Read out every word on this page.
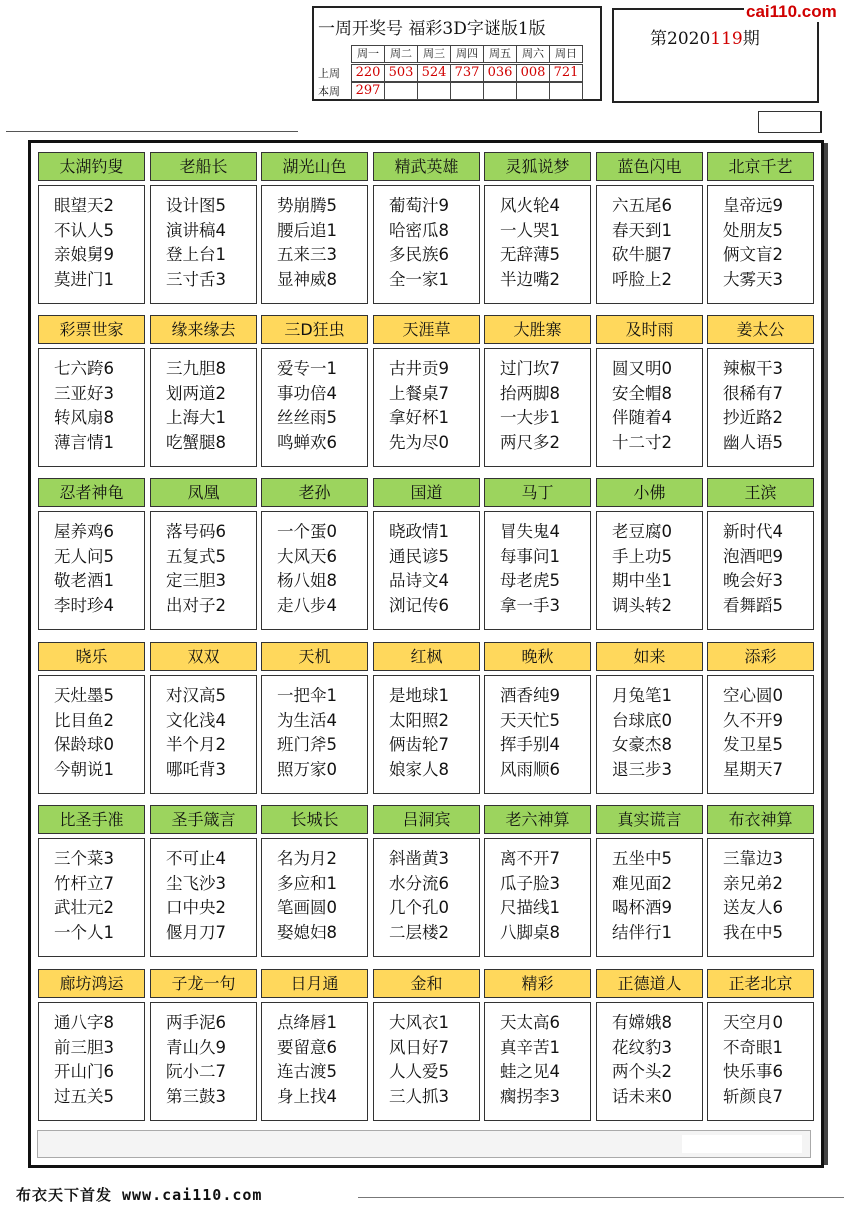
一周开奖号 福彩3D字谜版1版
周一	周二	周三	周四	周五	周六	周日
上周	220 503 524 737 036 008 721
本周	297
第2020119期
cai110.com
太湖钓叟
眼望天2
不认人5
亲娘舅9
莫进门1
老船长
设计图5
演讲稿4
登上台1
三寸舌3
湖光山色
势崩腾5
腰后追1
五来三3
显神威8
精武英雄
葡萄汁9
哈密瓜8
多民族6
全一家1
灵狐说梦
风火轮4
一人哭1
无辞薄5
半边嘴2
蓝色闪电
六五尾6
春天到1
砍牛腿7
呼脸上2
北京千艺
皇帝远9
处朋友5
俩文盲2
大雾天3
彩票世家
七六跨6
三亚好3
转风扇8
薄言情1
缘来缘去
三九胆8
划两道2
上海大1
吃蟹腿8
三D狂虫
爱专一1
事功倍4
丝丝雨5
鸣蝉欢6
天涯草
古井贡9
上餐桌7
拿好杯1
先为尽0
大胜寨
过门坎7
抬两脚8
一大步1
两尺多2
及时雨
圆又明0
安全帽8
伴随着4
十二寸2
姜太公
辣椒干3
很稀有7
抄近路2
幽人语5
忍者神龟
屋养鸡6
无人问5
敬老酒1
李时珍4
凤凰
落号码6
五复式5
定三胆3
出对子2
老孙
一个蛋0
大风天6
杨八姐8
走八步4
国道
晓政情1
通民谚5
品诗文4
浏记传6
马丁
冒失鬼4
每事问1
母老虎5
拿一手3
小佛
老豆腐0
手上功5
期中坐1
调头转2
王滨
新时代4
泡酒吧9
晚会好3
看舞蹈5
晓乐
天灶墨5
比目鱼2
保龄球0
今朝说1
双双
对汉高5
文化浅4
半个月2
哪吒背3
天机
一把伞1
为生活4
班门斧5
照万家0
红枫
是地球1
太阳照2
俩齿轮7
娘家人8
晚秋
酒香纯9
天天忙5
挥手别4
风雨顺6
如来
月兔笔1
台球底0
女豪杰8
退三步3
添彩
空心圆0
久不开9
发卫星5
星期天7
比圣手准
三个菜3
竹杆立7
武壮元2
一个人1
圣手箴言
不可止4
尘飞沙3
口中央2
偃月刀7
长城长
名为月2
多应和1
笔画圆0
娶媳妇8
吕洞宾
斜凿黄3
水分流6
几个孔0
二层楼2
老六神算
离不开7
瓜子脸3
尺描线1
八脚桌8
真实谎言
五坐中5
难见面2
喝杯酒9
结伴行1
布衣神算
三靠边3
亲兄弟2
送友人6
我在中5
廊坊鸿运
通八字8
前三胆3
开山门6
过五关5
子龙一句
两手泥6
青山久9
阮小二7
第三鼓3
日月通
点绛唇1
要留意6
连古渡5
身上找4
金和
大风衣1
风日好7
人人爱5
三人抓3
精彩
天太高6
真辛苦1
蛙之见4
瘸拐李3
正德道人
有嫦娥8
花纹豹3
两个头2
话未来0
正老北京
天空月0
不奇眼1
快乐事6
斩颜良7
布衣天下首发 www.cai110.com
